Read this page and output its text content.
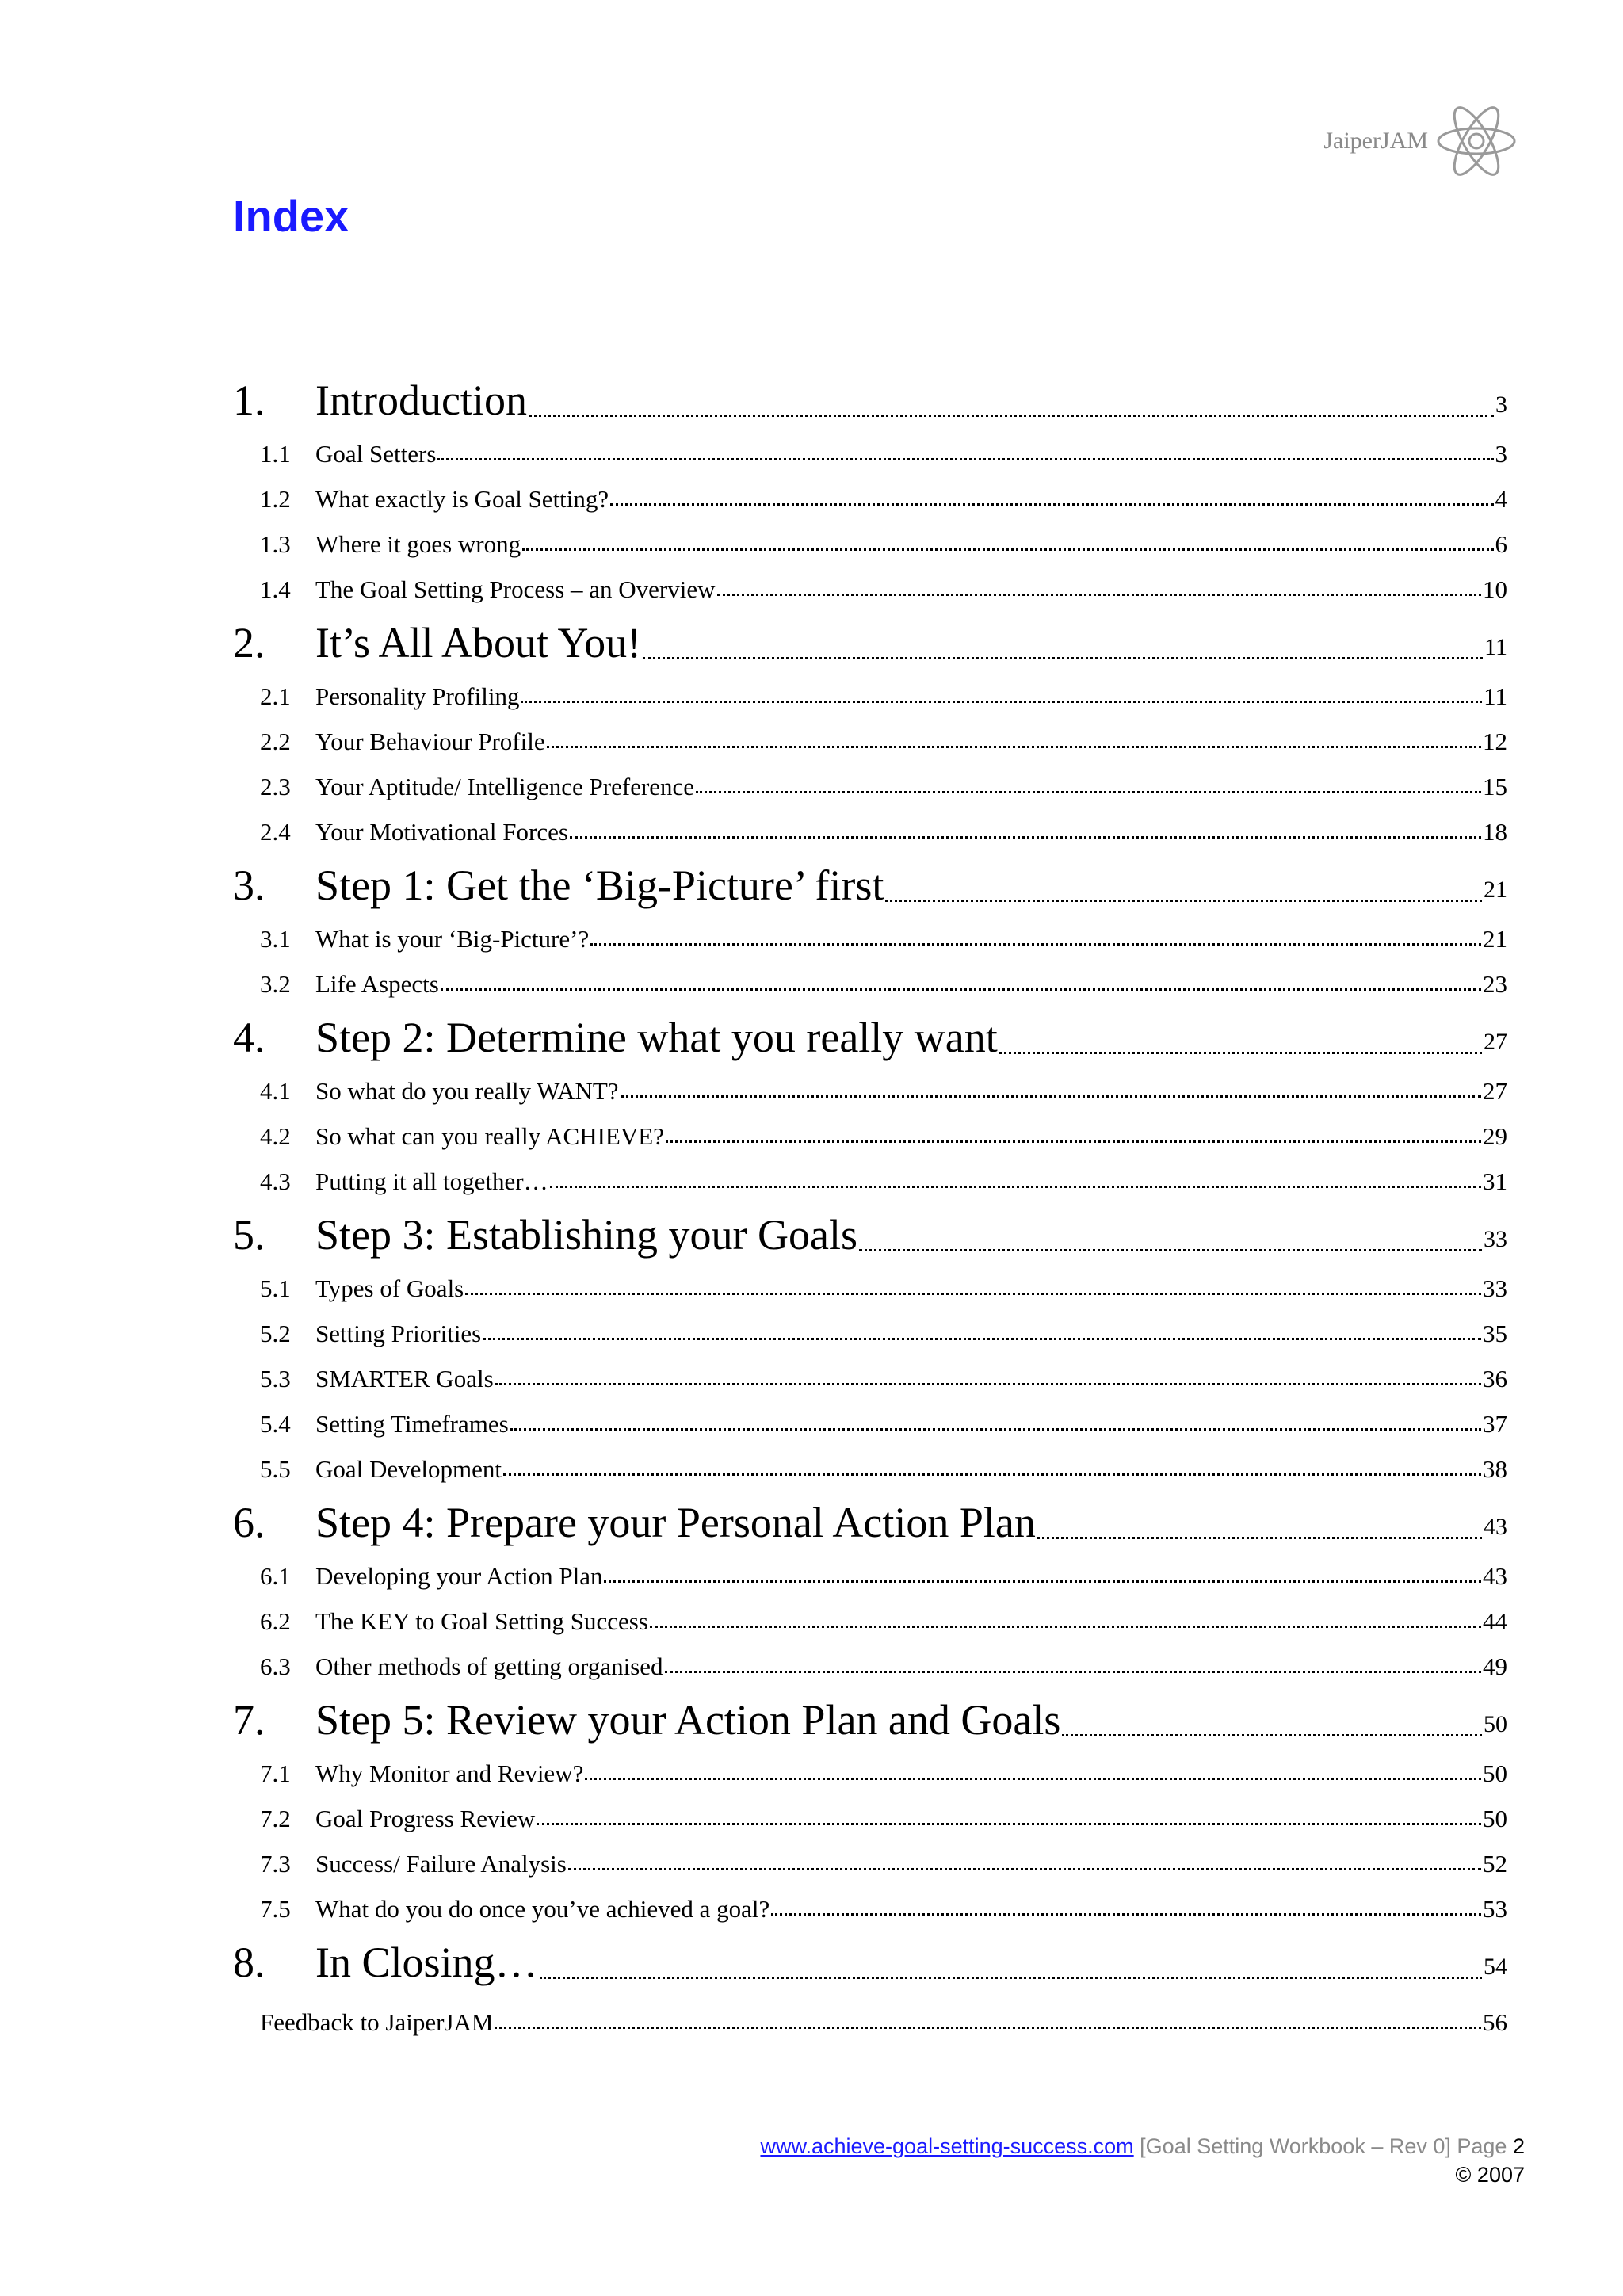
JaiperJAM
Index
1.	Introduction	3
1.1	Goal Setters	3
1.2	What exactly is Goal Setting?	4
1.3	Where it goes wrong	6
1.4	The Goal Setting Process – an Overview	10
2.	It’s All About You!	11
2.1	Personality Profiling	11
2.2	Your Behaviour Profile	12
2.3	Your Aptitude/ Intelligence Preference	15
2.4	Your Motivational Forces	18
3.	Step 1: Get the ‘Big-Picture’ first	21
3.1	What is your ‘Big-Picture’?	21
3.2	Life Aspects	23
4.	Step 2: Determine what you really want	27
4.1	So what do you really WANT?	27
4.2	So what can you really ACHIEVE?	29
4.3	Putting it all together…	31
5.	Step 3: Establishing your Goals	33
5.1	Types of Goals	33
5.2	Setting Priorities	35
5.3	SMARTER Goals	36
5.4	Setting Timeframes	37
5.5	Goal Development	38
6.	Step 4: Prepare your Personal Action Plan	43
6.1	Developing your Action Plan	43
6.2	The KEY to Goal Setting Success	44
6.3	Other methods of getting organised	49
7.	Step 5: Review your Action Plan and Goals	50
7.1	Why Monitor and Review?	50
7.2	Goal Progress Review	50
7.3	Success/ Failure Analysis	52
7.5	What do you do once you’ve achieved a goal?	53
8.	In Closing…	54
Feedback to JaiperJAM	56
www.achieve-goal-setting-success.com [Goal Setting Workbook – Rev 0] Page 2
© 2007
